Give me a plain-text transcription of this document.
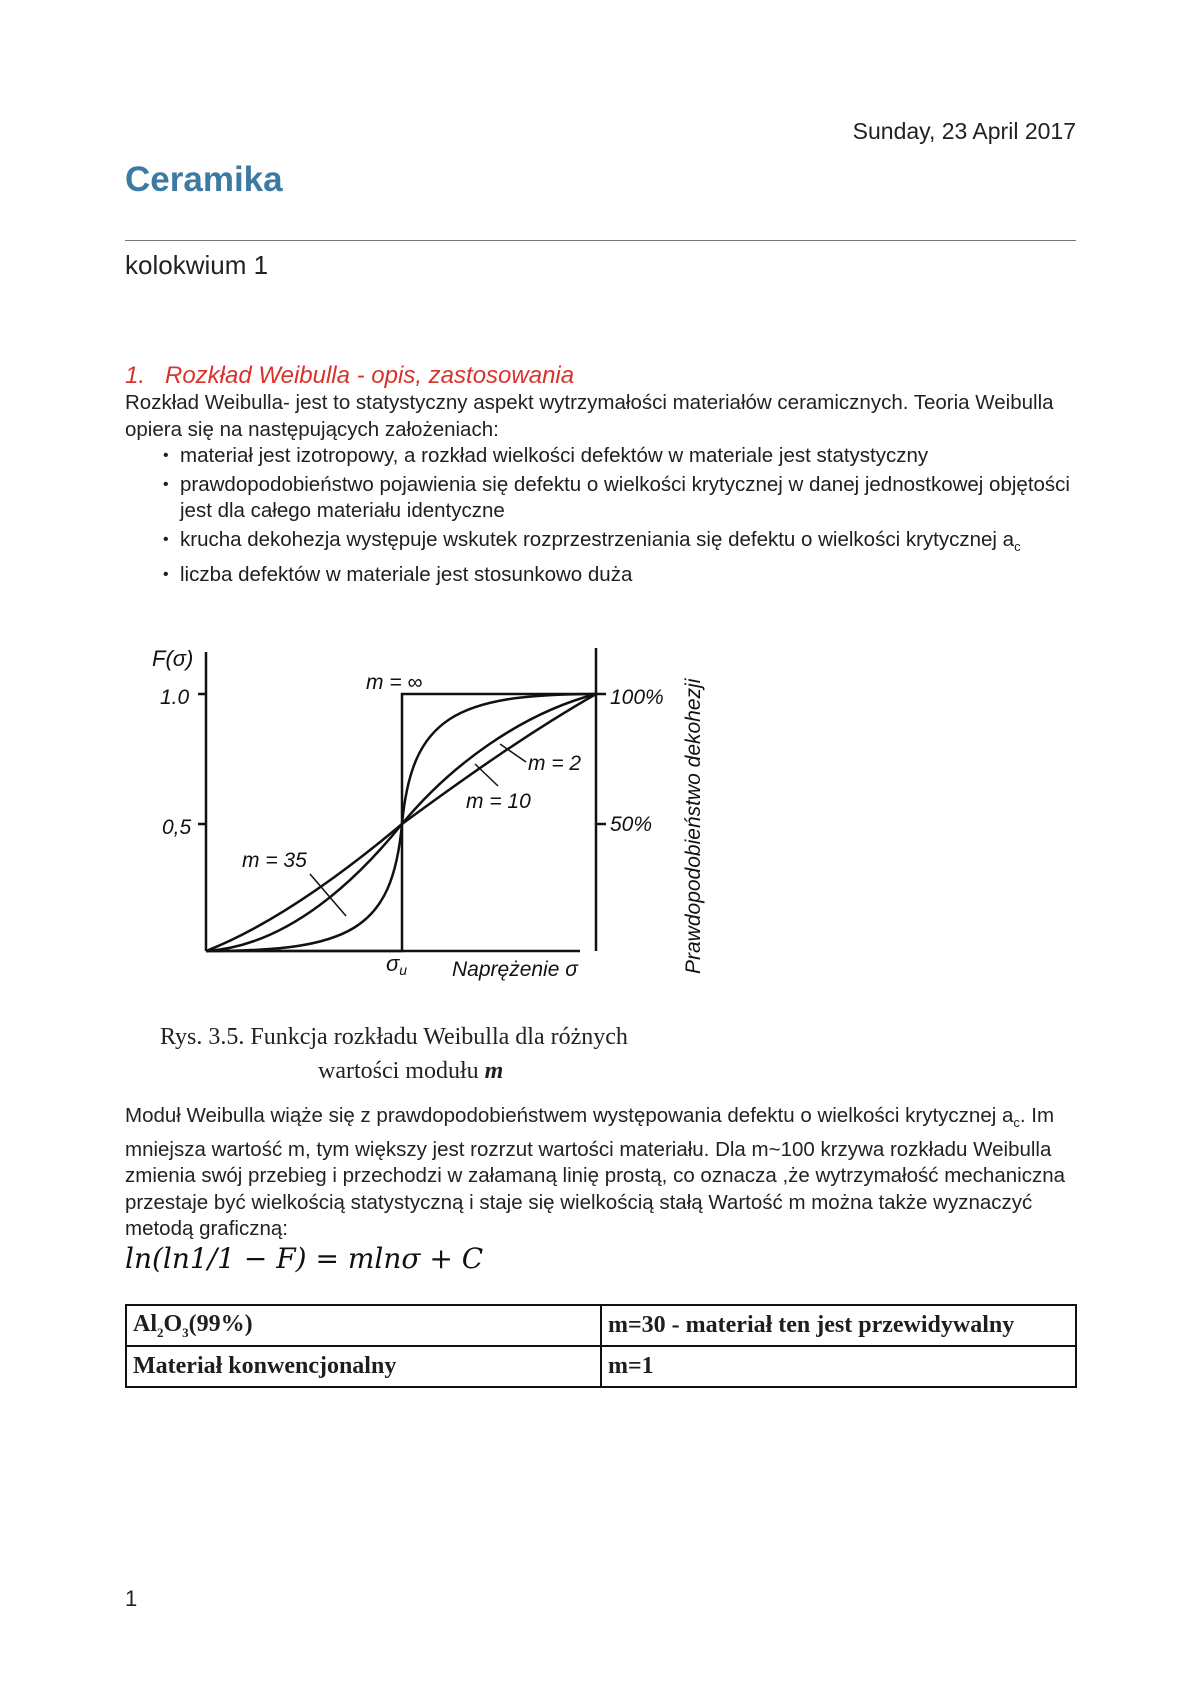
Sunday, 23 April 2017
Ceramika
kolokwium 1
1. Rozkład Weibulla - opis, zastosowania
Rozkład Weibulla- jest to statystyczny aspekt wytrzymałości materiałów ceramicznych. Teoria Weibulla opiera się na następujących założeniach:
• materiał jest izotropowy, a rozkład wielkości defektów w materiale jest statystyczny
• prawdopodobieństwo pojawienia się defektu o wielkości krytycznej w danej jednostkowej objętości jest dla całego materiału identyczne
• krucha dekohezja występuje wskutek rozprzestrzeniania się defektu o wielkości krytycznej $a_c$
• liczba defektów w materiale jest stosunkowo duża
F(σ)
1.0
0,5
100%
50%
m = ∞
m = 2
m = 10
m = 35
σu Naprężenie σ	Prawdopodobieństwo dekohezji
Rys. 3.5. Funkcja rozkładu Weibulla dla różnych
wartości modułu m
Moduł Weibulla wiąże się z prawdopodobieństwem występowania defektu o wielkości krytycznej $a_c$. Im mniejsza wartość m, tym większy jest rozrzut wartości materiału. Dla m~100 krzywa rozkładu Weibulla zmienia swój przebieg i przechodzi w załamaną linię prostą, co oznacza ,że wytrzymałość mechaniczna przestaje być wielkością statystyczną i staje się wielkością stałą Wartość m można także wyznaczyć metodą graficzną:
ln(ln1/1 − F) = mlnσ + C
$Al_2O_3(99\%)$	m=30 - materiał ten jest przewidywalny
Materiał konwencjonalny	m=1
1
